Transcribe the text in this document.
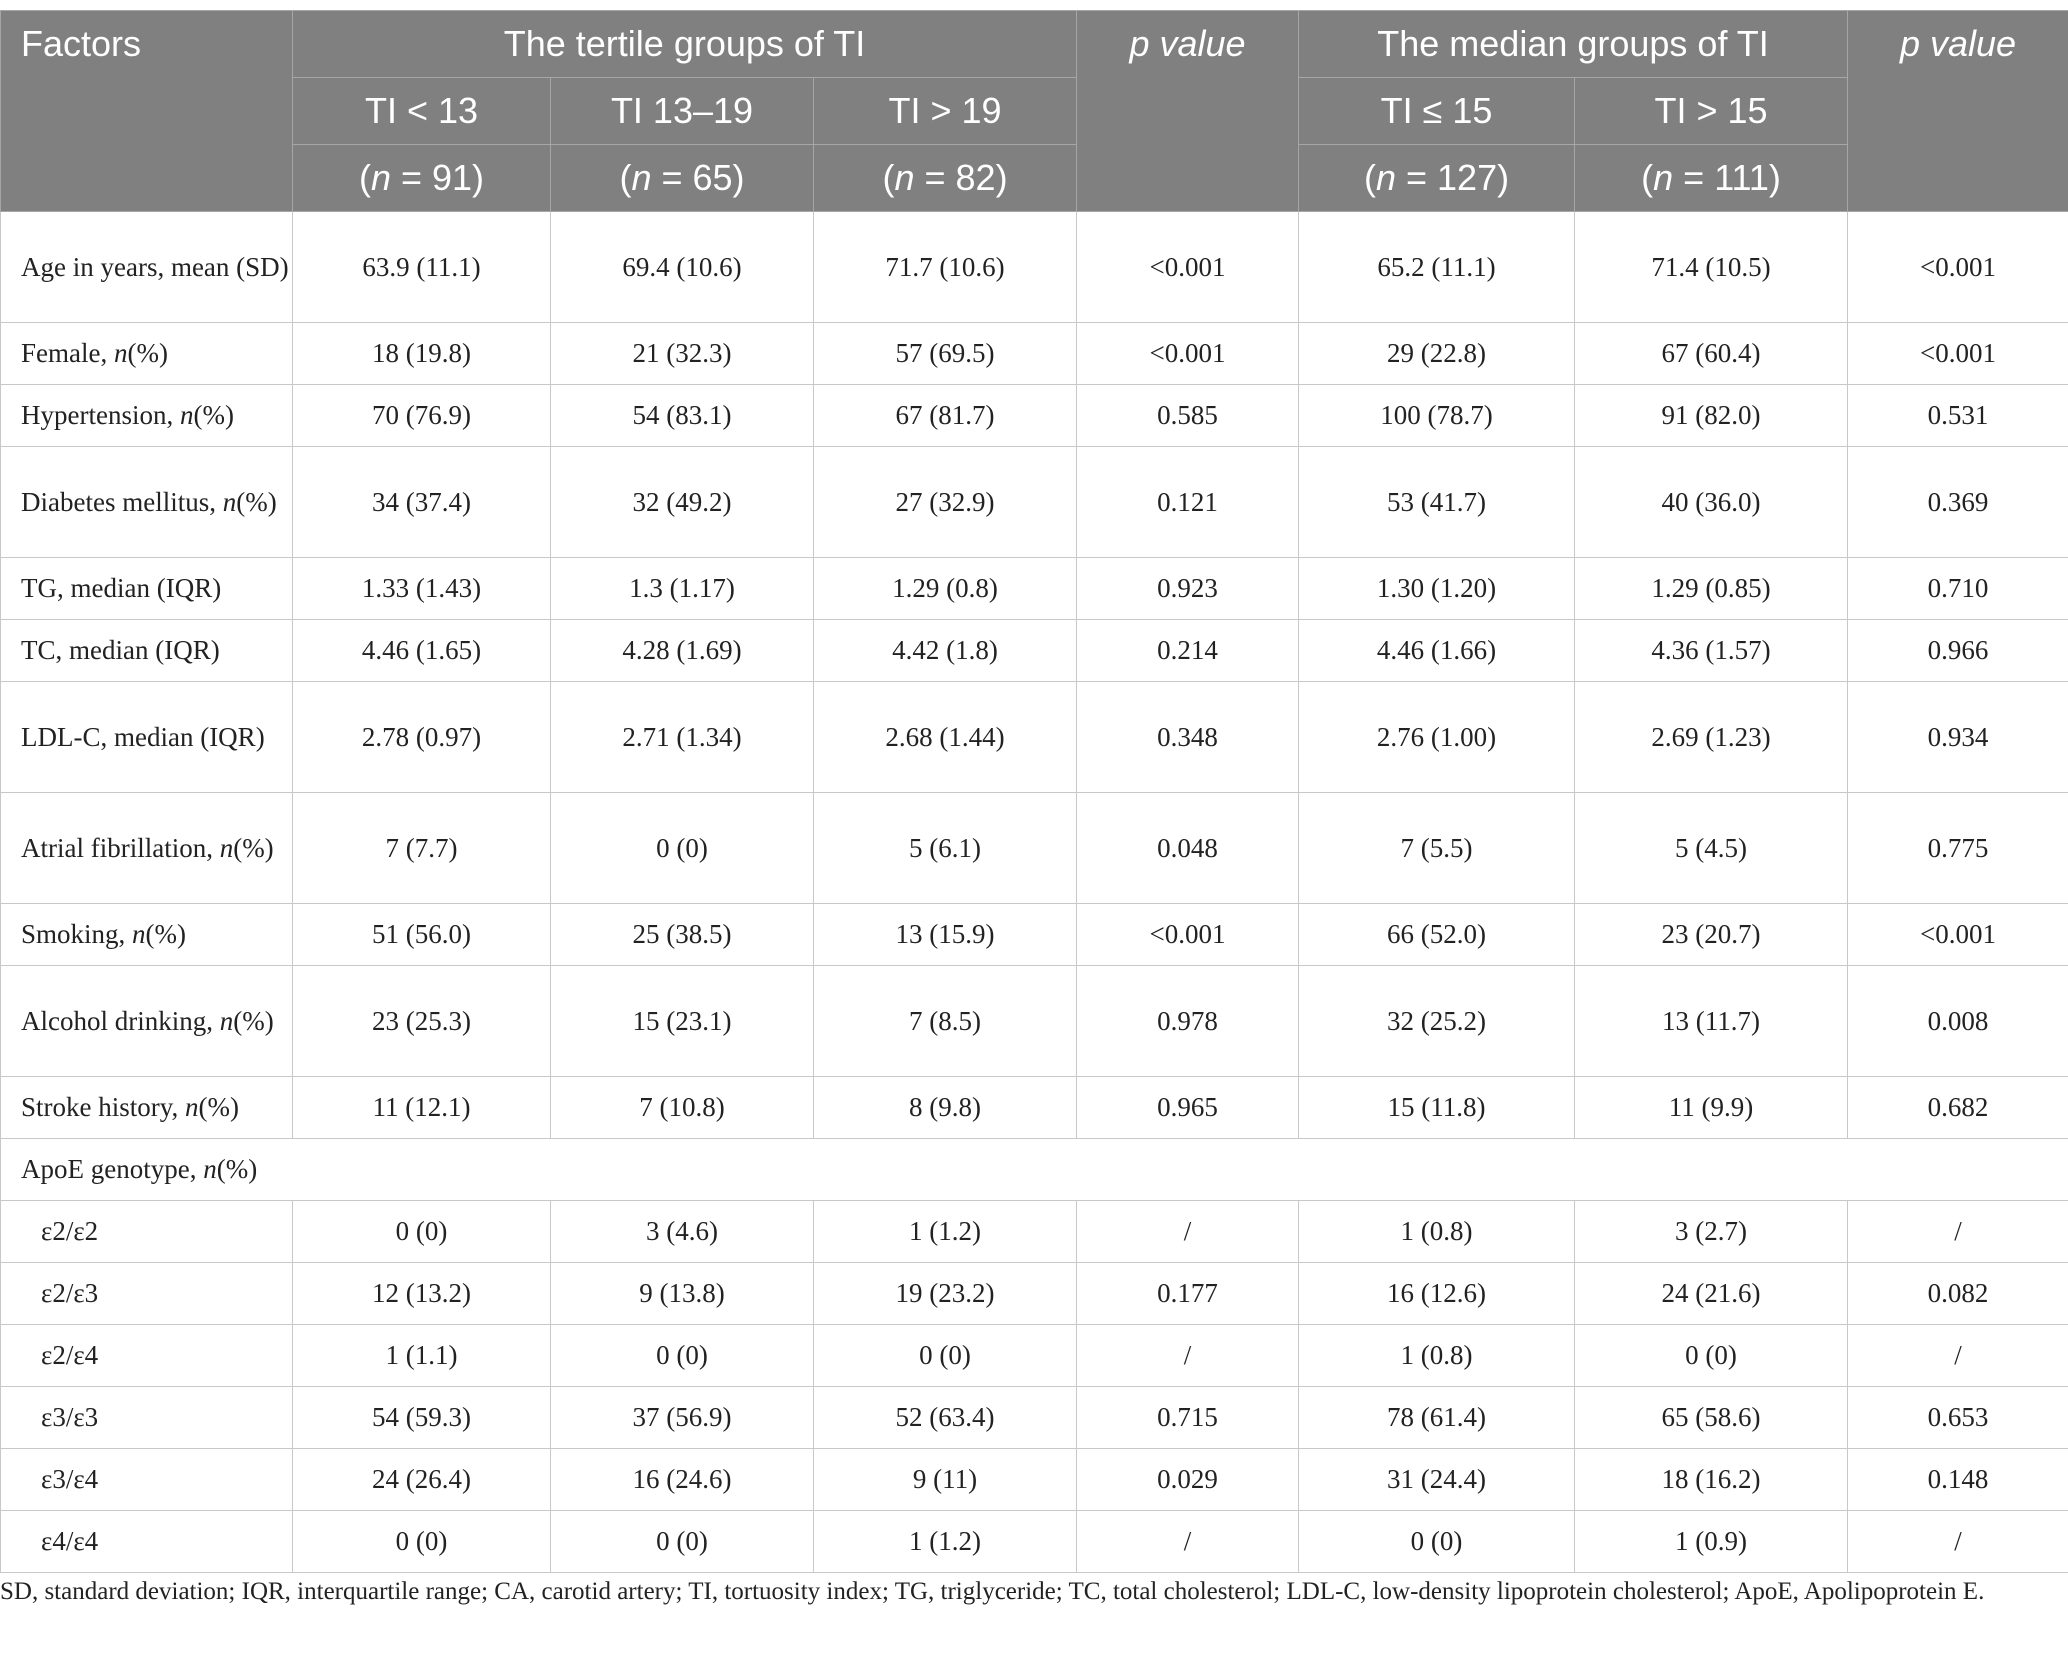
Factors	The tertile groups of TI			p value	The median groups of TI		p value
	TI < 13	TI 13–19	TI > 19		TI ≤ 15	TI > 15	
	(n = 91)	(n = 65)	(n = 82)		(n = 127)	(n = 111)	
Age in years, mean (SD)	63.9 (11.1)	69.4 (10.6)	71.7 (10.6)	<0.001	65.2 (11.1)	71.4 (10.5)	<0.001
Female, n(%)	18 (19.8)	21 (32.3)	57 (69.5)	<0.001	29 (22.8)	67 (60.4)	<0.001
Hypertension, n(%)	70 (76.9)	54 (83.1)	67 (81.7)	0.585	100 (78.7)	91 (82.0)	0.531
Diabetes mellitus, n(%)	34 (37.4)	32 (49.2)	27 (32.9)	0.121	53 (41.7)	40 (36.0)	0.369
TG, median (IQR)	1.33 (1.43)	1.3 (1.17)	1.29 (0.8)	0.923	1.30 (1.20)	1.29 (0.85)	0.710
TC, median (IQR)	4.46 (1.65)	4.28 (1.69)	4.42 (1.8)	0.214	4.46 (1.66)	4.36 (1.57)	0.966
LDL-C, median (IQR)	2.78 (0.97)	2.71 (1.34)	2.68 (1.44)	0.348	2.76 (1.00)	2.69 (1.23)	0.934
Atrial fibrillation, n(%)	7 (7.7)	0 (0)	5 (6.1)	0.048	7 (5.5)	5 (4.5)	0.775
Smoking, n(%)	51 (56.0)	25 (38.5)	13 (15.9)	<0.001	66 (52.0)	23 (20.7)	<0.001
Alcohol drinking, n(%)	23 (25.3)	15 (23.1)	7 (8.5)	0.978	32 (25.2)	13 (11.7)	0.008
Stroke history, n(%)	11 (12.1)	7 (10.8)	8 (9.8)	0.965	15 (11.8)	11 (9.9)	0.682
ApoE genotype, n(%)							
ε2/ε2	0 (0)	3 (4.6)	1 (1.2)	/	1 (0.8)	3 (2.7)	/
ε2/ε3	12 (13.2)	9 (13.8)	19 (23.2)	0.177	16 (12.6)	24 (21.6)	0.082
ε2/ε4	1 (1.1)	0 (0)	0 (0)	/	1 (0.8)	0 (0)	/
ε3/ε3	54 (59.3)	37 (56.9)	52 (63.4)	0.715	78 (61.4)	65 (58.6)	0.653
ε3/ε4	24 (26.4)	16 (24.6)	9 (11)	0.029	31 (24.4)	18 (16.2)	0.148
ε4/ε4	0 (0)	0 (0)	1 (1.2)	/	0 (0)	1 (0.9)	/
SD, standard deviation; IQR, interquartile range; CA, carotid artery; TI, tortuosity index; TG, triglyceride; TC, total cholesterol; LDL-C, low-density lipoprotein cholesterol; ApoE, Apolipoprotein E.
